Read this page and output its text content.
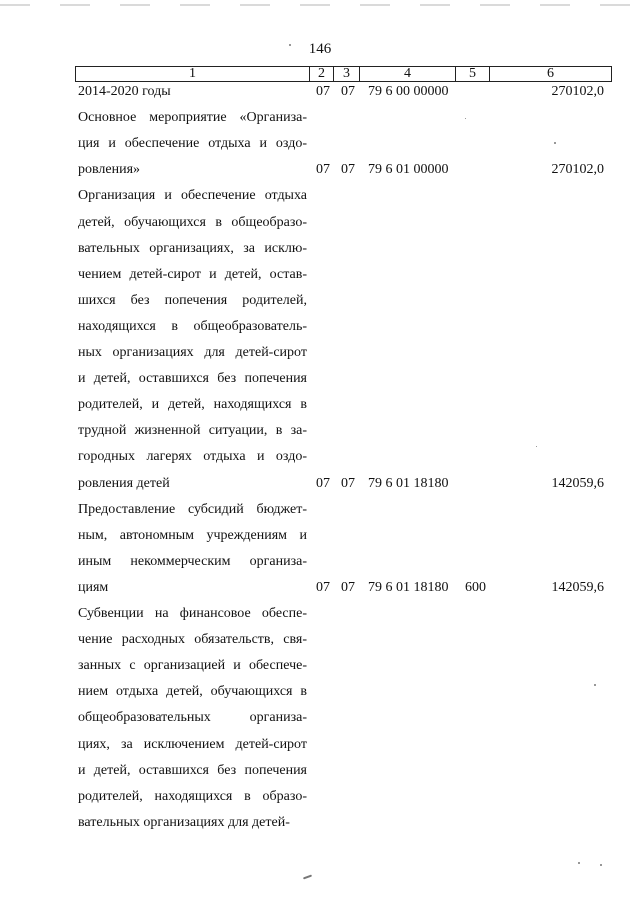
146
1	2	3	4	5	6
2014-2020 годы	07 07 79 6 00 00000	270102,0
Основное мероприятие «Организа-
ция и обеспечение отдыха и оздо-
ровления»	07 07 79 6 01 00000	270102,0
Организация и обеспечение отдыха
детей, обучающихся в общеобразо-
вательных организациях, за исклю-
чением детей-сирот и детей, остав-
шихся без попечения родителей,
находящихся в общеобразователь-
ных организациях для детей-сирот
и детей, оставшихся без попечения
родителей, и детей, находящихся в
трудной жизненной ситуации, в за-
городных лагерях отдыха и оздо-
ровления детей	07 07 79 6 01 18180	142059,6
Предоставление субсидий бюджет-
ным, автономным учреждениям и
иным некоммерческим организа-
циям	07 07 79 6 01 18180 600	142059,6
Субвенции на финансовое обеспе-
чение расходных обязательств, свя-
занных с организацией и обеспече-
нием отдыха детей, обучающихся в
общеобразовательных организа-
циях, за исключением детей-сирот
и детей, оставшихся без попечения
родителей, находящихся в образо-
вательных организациях для детей-
